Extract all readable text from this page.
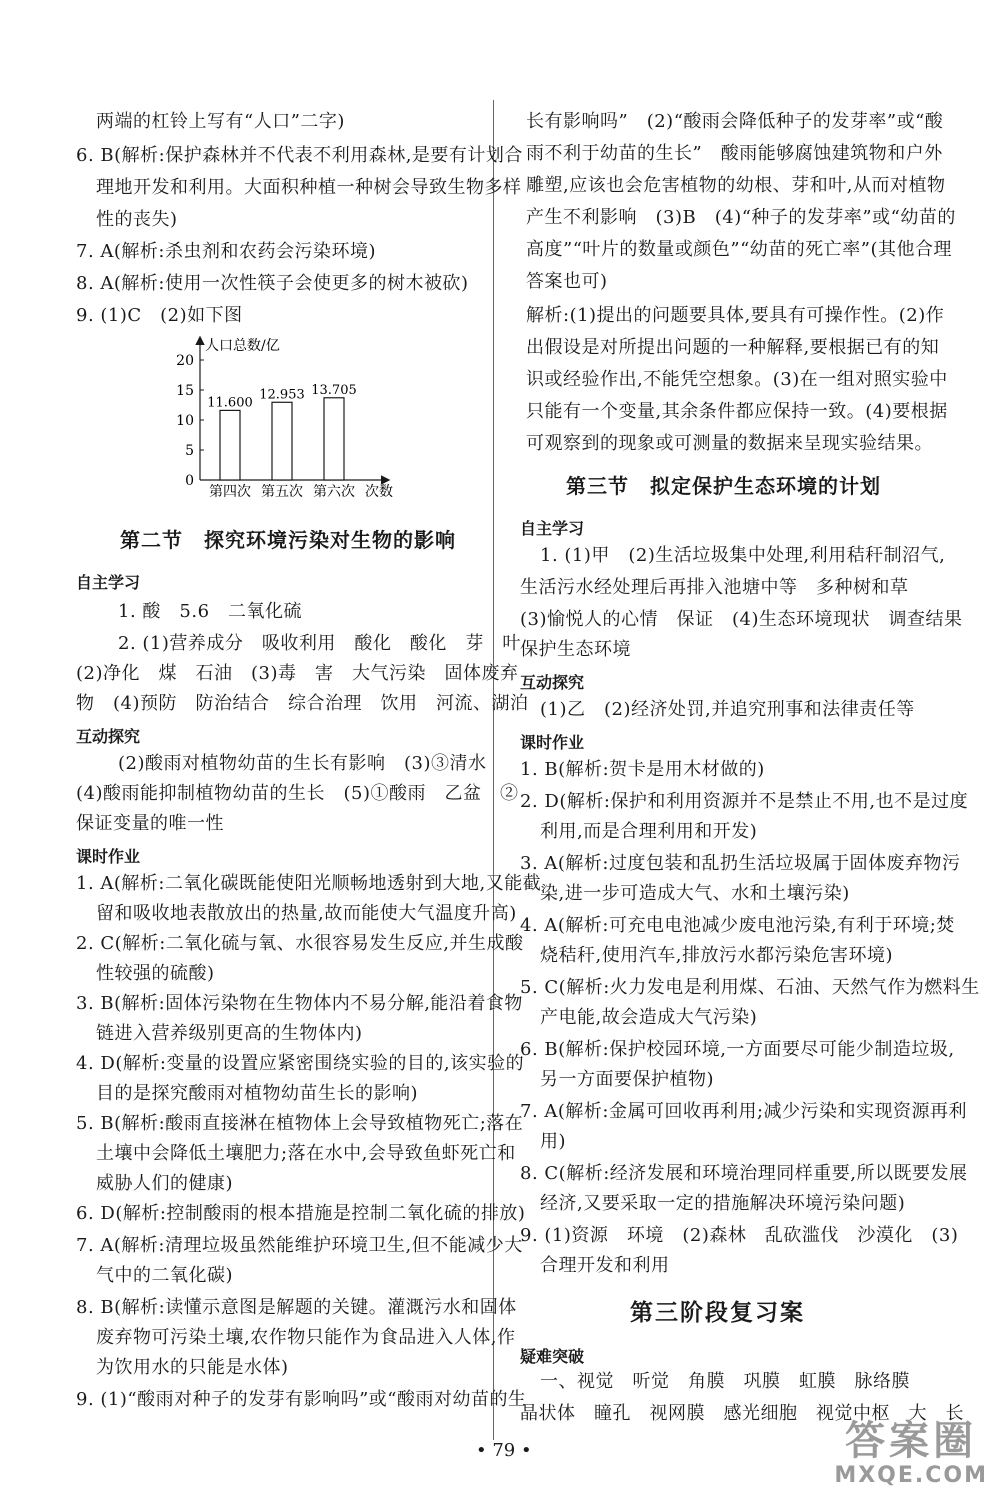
两端的杠铃上写有“人口”二字)
6. B(解析:保护森林并不代表不利用森林,是要有计划合
理地开发和利用。大面积种植一种树会导致生物多样
性的丧失)
7. A(解析:杀虫剂和农药会污染环境)
8. A(解析:使用一次性筷子会使更多的树木被砍)
9. (1)C　(2)如下图
人口总数/亿
次数
0
5
10
15
20
11.600
第四次
12.953
第五次
13.705
第六次
第二节　探究环境污染对生物的影响
自主学习
1. 酸　5.6　二氧化硫
2. (1)营养成分　吸收利用　酸化　酸化　芽　叶
(2)净化　煤　石油　(3)毒　害　大气污染　固体废弃
物　(4)预防　防治结合　综合治理　饮用　河流、湖泊
互动探究
(2)酸雨对植物幼苗的生长有影响　(3)③清水
(4)酸雨能抑制植物幼苗的生长　(5)①酸雨　乙盆　②
保证变量的唯一性
课时作业
1. A(解析:二氧化碳既能使阳光顺畅地透射到大地,又能截
留和吸收地表散放出的热量,故而能使大气温度升高)
2. C(解析:二氧化硫与氧、水很容易发生反应,并生成酸
性较强的硫酸)
3. B(解析:固体污染物在生物体内不易分解,能沿着食物
链进入营养级别更高的生物体内)
4. D(解析:变量的设置应紧密围绕实验的目的,该实验的
目的是探究酸雨对植物幼苗生长的影响)
5. B(解析:酸雨直接淋在植物体上会导致植物死亡;落在
土壤中会降低土壤肥力;落在水中,会导致鱼虾死亡和
威胁人们的健康)
6. D(解析:控制酸雨的根本措施是控制二氧化硫的排放)
7. A(解析:清理垃圾虽然能维护环境卫生,但不能减少大
气中的二氧化碳)
8. B(解析:读懂示意图是解题的关键。灌溉污水和固体
废弃物可污染土壤,农作物只能作为食品进入人体,作
为饮用水的只能是水体)
9. (1)“酸雨对种子的发芽有影响吗”或“酸雨对幼苗的生
长有影响吗”　(2)“酸雨会降低种子的发芽率”或“酸
雨不利于幼苗的生长”　酸雨能够腐蚀建筑物和户外
雕塑,应该也会危害植物的幼根、芽和叶,从而对植物
产生不利影响　(3)B　(4)“种子的发芽率”或“幼苗的
高度”“叶片的数量或颜色”“幼苗的死亡率”(其他合理
答案也可)
解析:(1)提出的问题要具体,要具有可操作性。(2)作
出假设是对所提出问题的一种解释,要根据已有的知
识或经验作出,不能凭空想象。(3)在一组对照实验中
只能有一个变量,其余条件都应保持一致。(4)要根据
可观察到的现象或可测量的数据来呈现实验结果。
第三节　拟定保护生态环境的计划
自主学习
1. (1)甲　(2)生活垃圾集中处理,利用秸秆制沼气,
生活污水经处理后再排入池塘中等　多种树和草
(3)愉悦人的心情　保证　(4)生态环境现状　调查结果
保护生态环境
互动探究
(1)乙　(2)经济处罚,并追究刑事和法律责任等
课时作业
1. B(解析:贺卡是用木材做的)
2. D(解析:保护和利用资源并不是禁止不用,也不是过度
利用,而是合理利用和开发)
3. A(解析:过度包装和乱扔生活垃圾属于固体废弃物污
染,进一步可造成大气、水和土壤污染)
4. A(解析:可充电电池减少废电池污染,有利于环境;焚
烧秸秆,使用汽车,排放污水都污染危害环境)
5. C(解析:火力发电是利用煤、石油、天然气作为燃料生
产电能,故会造成大气污染)
6. B(解析:保护校园环境,一方面要尽可能少制造垃圾,
另一方面要保护植物)
7. A(解析:金属可回收再利用;减少污染和实现资源再利
用)
8. C(解析:经济发展和环境治理同样重要,所以既要发展
经济,又要采取一定的措施解决环境污染问题)
9. (1)资源　环境　(2)森林　乱砍滥伐　沙漠化　(3)
合理开发和利用
第三阶段复习案
疑难突破
一、视觉　听觉　角膜　巩膜　虹膜　脉络膜
晶状体　瞳孔　视网膜　感光细胞　视觉中枢　大　长
• 79 •	答案圈
MXQE.COM
